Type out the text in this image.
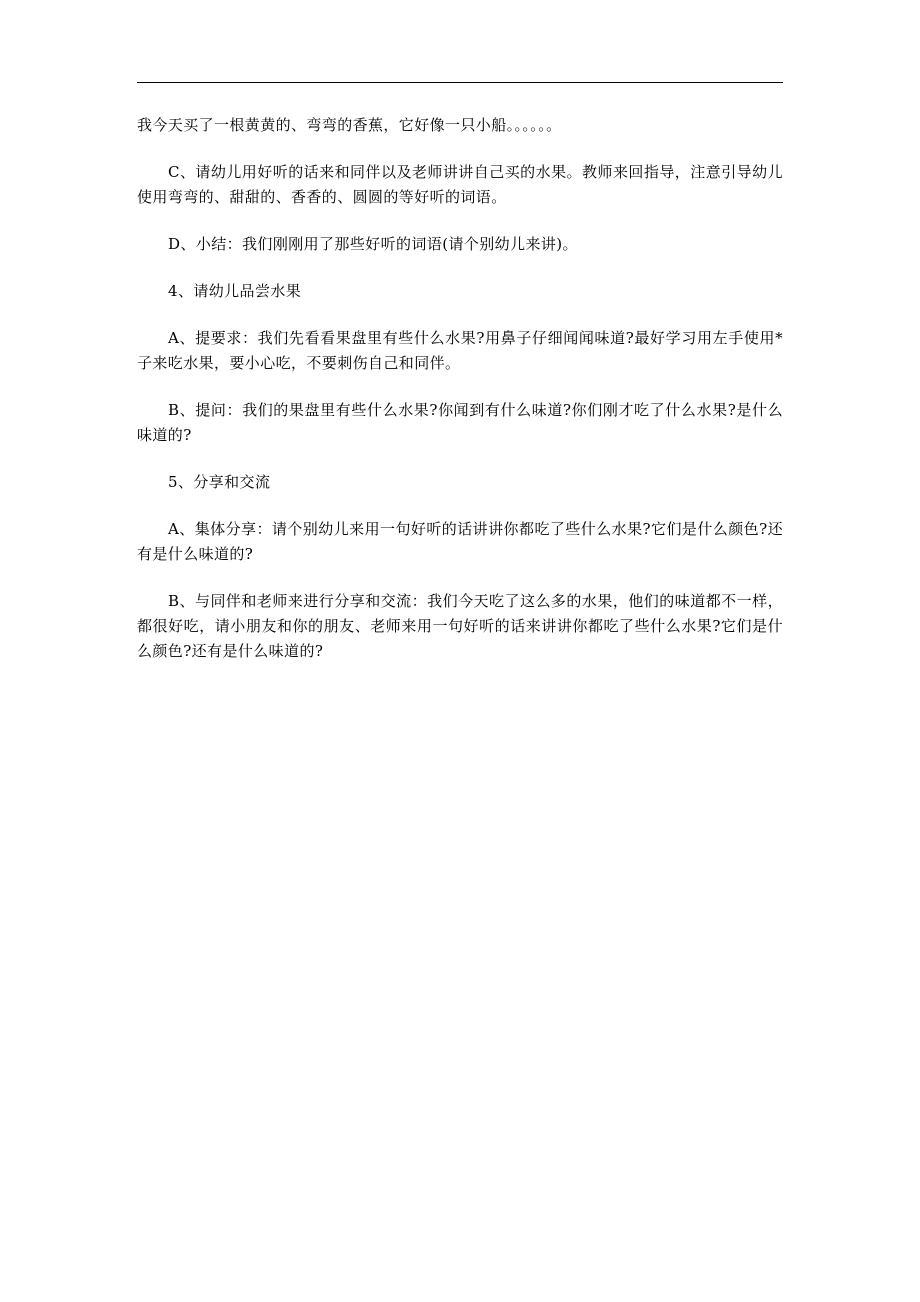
我今天买了一根黄黄的、弯弯的香蕉，它好像一只小船。。。。。。

C、请幼儿用好听的话来和同伴以及老师讲讲自己买的水果。教师来回指导，注意引导幼儿使用弯弯的、甜甜的、香香的、圆圆的等好听的词语。

D、小结：我们刚刚用了那些好听的词语(请个别幼儿来讲)。

4、请幼儿品尝水果

A、提要求：我们先看看果盘里有些什么水果?用鼻子仔细闻闻味道?最好学习用左手使用*子来吃水果，要小心吃，不要刺伤自己和同伴。

B、提问：我们的果盘里有些什么水果?你闻到有什么味道?你们刚才吃了什么水果?是什么味道的?

5、分享和交流

A、集体分享：请个别幼儿来用一句好听的话讲讲你都吃了些什么水果?它们是什么颜色?还有是什么味道的?

B、与同伴和老师来进行分享和交流：我们今天吃了这么多的水果，他们的味道都不一样，都很好吃，请小朋友和你的朋友、老师来用一句好听的话来讲讲你都吃了些什么水果?它们是什么颜色?还有是什么味道的?
